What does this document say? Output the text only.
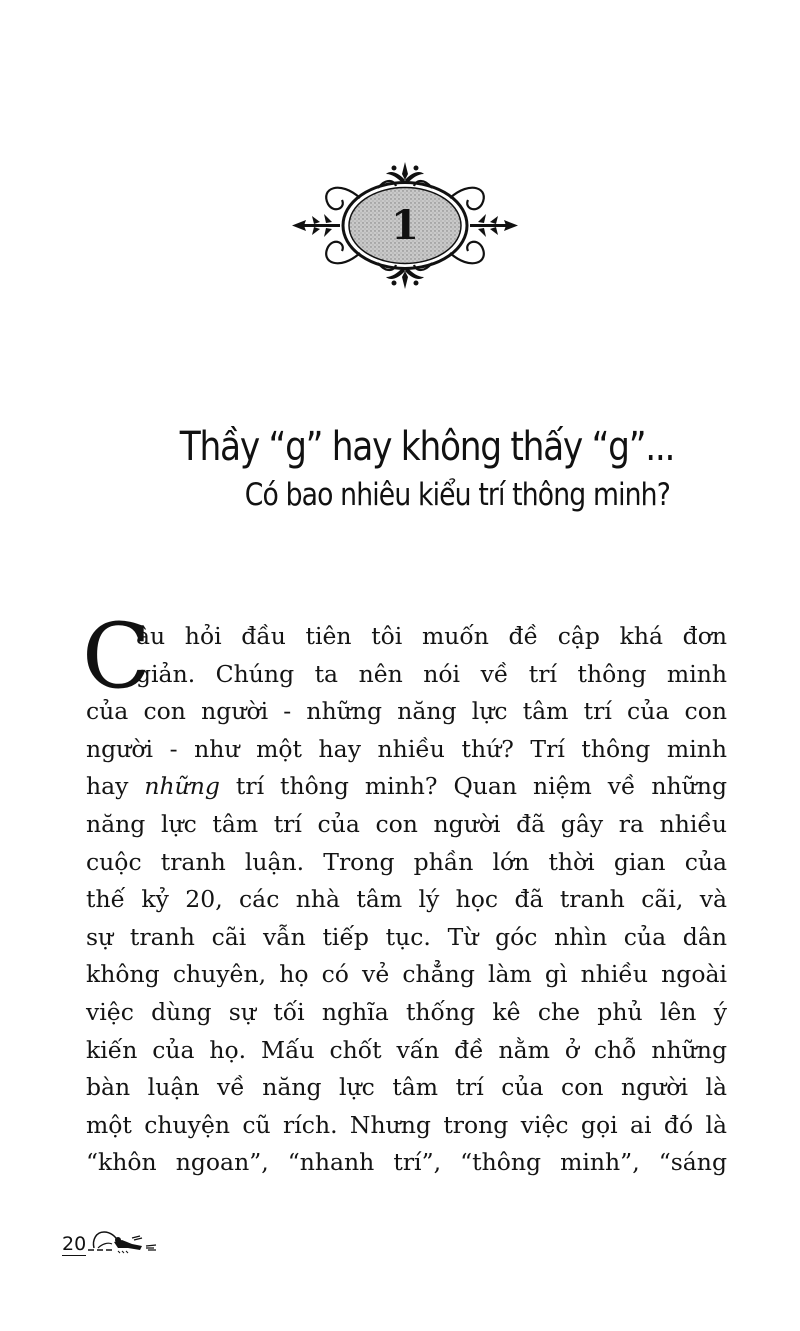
1
Thầy “g” hay không thấy “g”...
Có bao nhiêu kiểu trí thông minh?
C
âu hỏi đầu tiên tôi muốn đề cập khá đơn
giản. Chúng ta nên nói về trí thông minh
của con người - những năng lực tâm trí của con
người - như một hay nhiều thứ? Trí thông minh
hay những trí thông minh? Quan niệm về những
năng lực tâm trí của con người đã gây ra nhiều
cuộc tranh luận. Trong phần lớn thời gian của
thế kỷ 20, các nhà tâm lý học đã tranh cãi, và
sự tranh cãi vẫn tiếp tục. Từ góc nhìn của dân
không chuyên, họ có vẻ chẳng làm gì nhiều ngoài
việc dùng sự tối nghĩa thống kê che phủ lên ý
kiến của họ. Mấu chốt vấn đề nằm ở chỗ những
bàn luận về năng lực tâm trí của con người là
một chuyện cũ rích. Nhưng trong việc gọi ai đó là
“khôn ngoan”, “nhanh trí”, “thông minh”, “sáng
20
